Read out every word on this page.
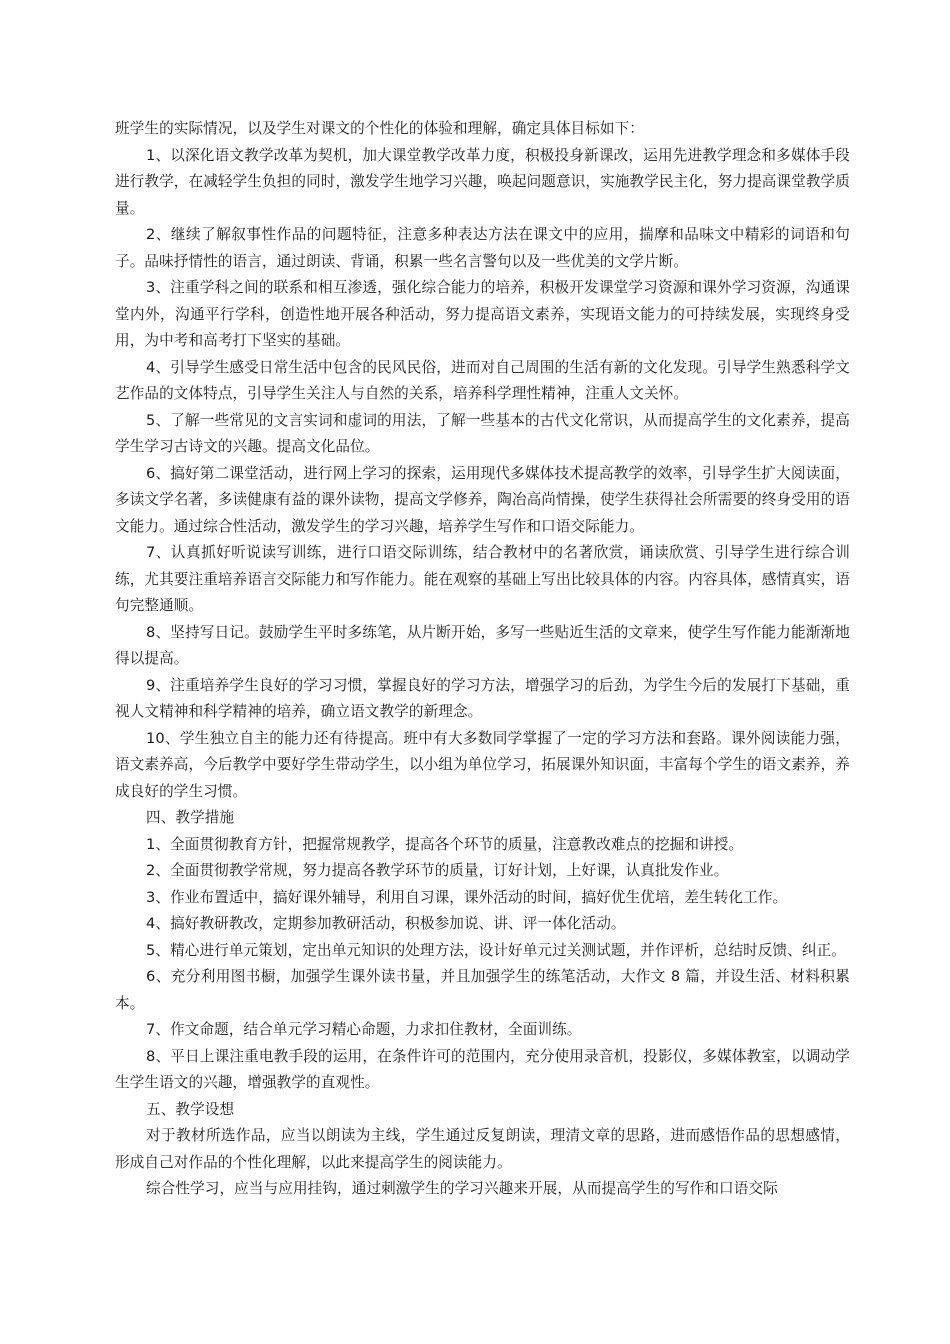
班学生的实际情况，以及学生对课文的个性化的体验和理解，确定具体目标如下：

1、以深化语文教学改革为契机，加大课堂教学改革力度，积极投身新课改，运用先进教学理念和多媒体手段进行教学，在减轻学生负担的同时，激发学生地学习兴趣，唤起问题意识，实施教学民主化，努力提高课堂教学质量。

2、继续了解叙事性作品的问题特征，注意多种表达方法在课文中的应用，揣摩和品味文中精彩的词语和句子。品味抒情性的语言，通过朗读、背诵，积累一些名言警句以及一些优美的文学片断。

3、注重学科之间的联系和相互渗透，强化综合能力的培养，积极开发课堂学习资源和课外学习资源，沟通课堂内外，沟通平行学科，创造性地开展各种活动，努力提高语文素养，实现语文能力的可持续发展，实现终身受用，为中考和高考打下坚实的基础。

4、引导学生感受日常生活中包含的民风民俗，进而对自己周围的生活有新的文化发现。引导学生熟悉科学文艺作品的文体特点，引导学生关注人与自然的关系，培养科学理性精神，注重人文关怀。

5、了解一些常见的文言实词和虚词的用法，了解一些基本的古代文化常识，从而提高学生的文化素养，提高学生学习古诗文的兴趣。提高文化品位。

6、搞好第二课堂活动，进行网上学习的探索，运用现代多媒体技术提高教学的效率，引导学生扩大阅读面，多读文学名著，多读健康有益的课外读物，提高文学修养，陶冶高尚情操，使学生获得社会所需要的终身受用的语文能力。通过综合性活动，激发学生的学习兴趣，培养学生写作和口语交际能力。

7、认真抓好听说读写训练，进行口语交际训练，结合教材中的名著欣赏，诵读欣赏、引导学生进行综合训练，尤其要注重培养语言交际能力和写作能力。能在观察的基础上写出比较具体的内容。内容具体，感情真实，语句完整通顺。

8、坚持写日记。鼓励学生平时多练笔，从片断开始，多写一些贴近生活的文章来，使学生写作能力能渐渐地得以提高。

9、注重培养学生良好的学习习惯，掌握良好的学习方法，增强学习的后劲，为学生今后的发展打下基础，重视人文精神和科学精神的培养，确立语文教学的新理念。

10、学生独立自主的能力还有待提高。班中有大多数同学掌握了一定的学习方法和套路。课外阅读能力强，语文素养高，今后教学中要好学生带动学生，以小组为单位学习，拓展课外知识面，丰富每个学生的语文素养，养成良好的学生习惯。

四、教学措施

1、全面贯彻教育方针，把握常规教学，提高各个环节的质量，注意教改难点的挖掘和讲授。

2、全面贯彻教学常规，努力提高各教学环节的质量，订好计划，上好课，认真批发作业。

3、作业布置适中，搞好课外辅导，利用自习课，课外活动的时间，搞好优生优培，差生转化工作。

4、搞好教研教改，定期参加教研活动，积极参加说、讲、评一体化活动。

5、精心进行单元策划，定出单元知识的处理方法，设计好单元过关测试题，并作评析，总结时反馈、纠正。

6、充分利用图书橱，加强学生课外读书量，并且加强学生的练笔活动，大作文 8 篇，并设生活、材料积累本。

7、作文命题，结合单元学习精心命题，力求扣住教材，全面训练。

8、平日上课注重电教手段的运用，在条件许可的范围内，充分使用录音机，投影仪，多媒体教室，以调动学生学生语文的兴趣，增强教学的直观性。

五、教学设想

对于教材所选作品，应当以朗读为主线，学生通过反复朗读，理清文章的思路，进而感悟作品的思想感情，形成自己对作品的个性化理解，以此来提高学生的阅读能力。

综合性学习，应当与应用挂钩，通过刺激学生的学习兴趣来开展，从而提高学生的写作和口语交际
